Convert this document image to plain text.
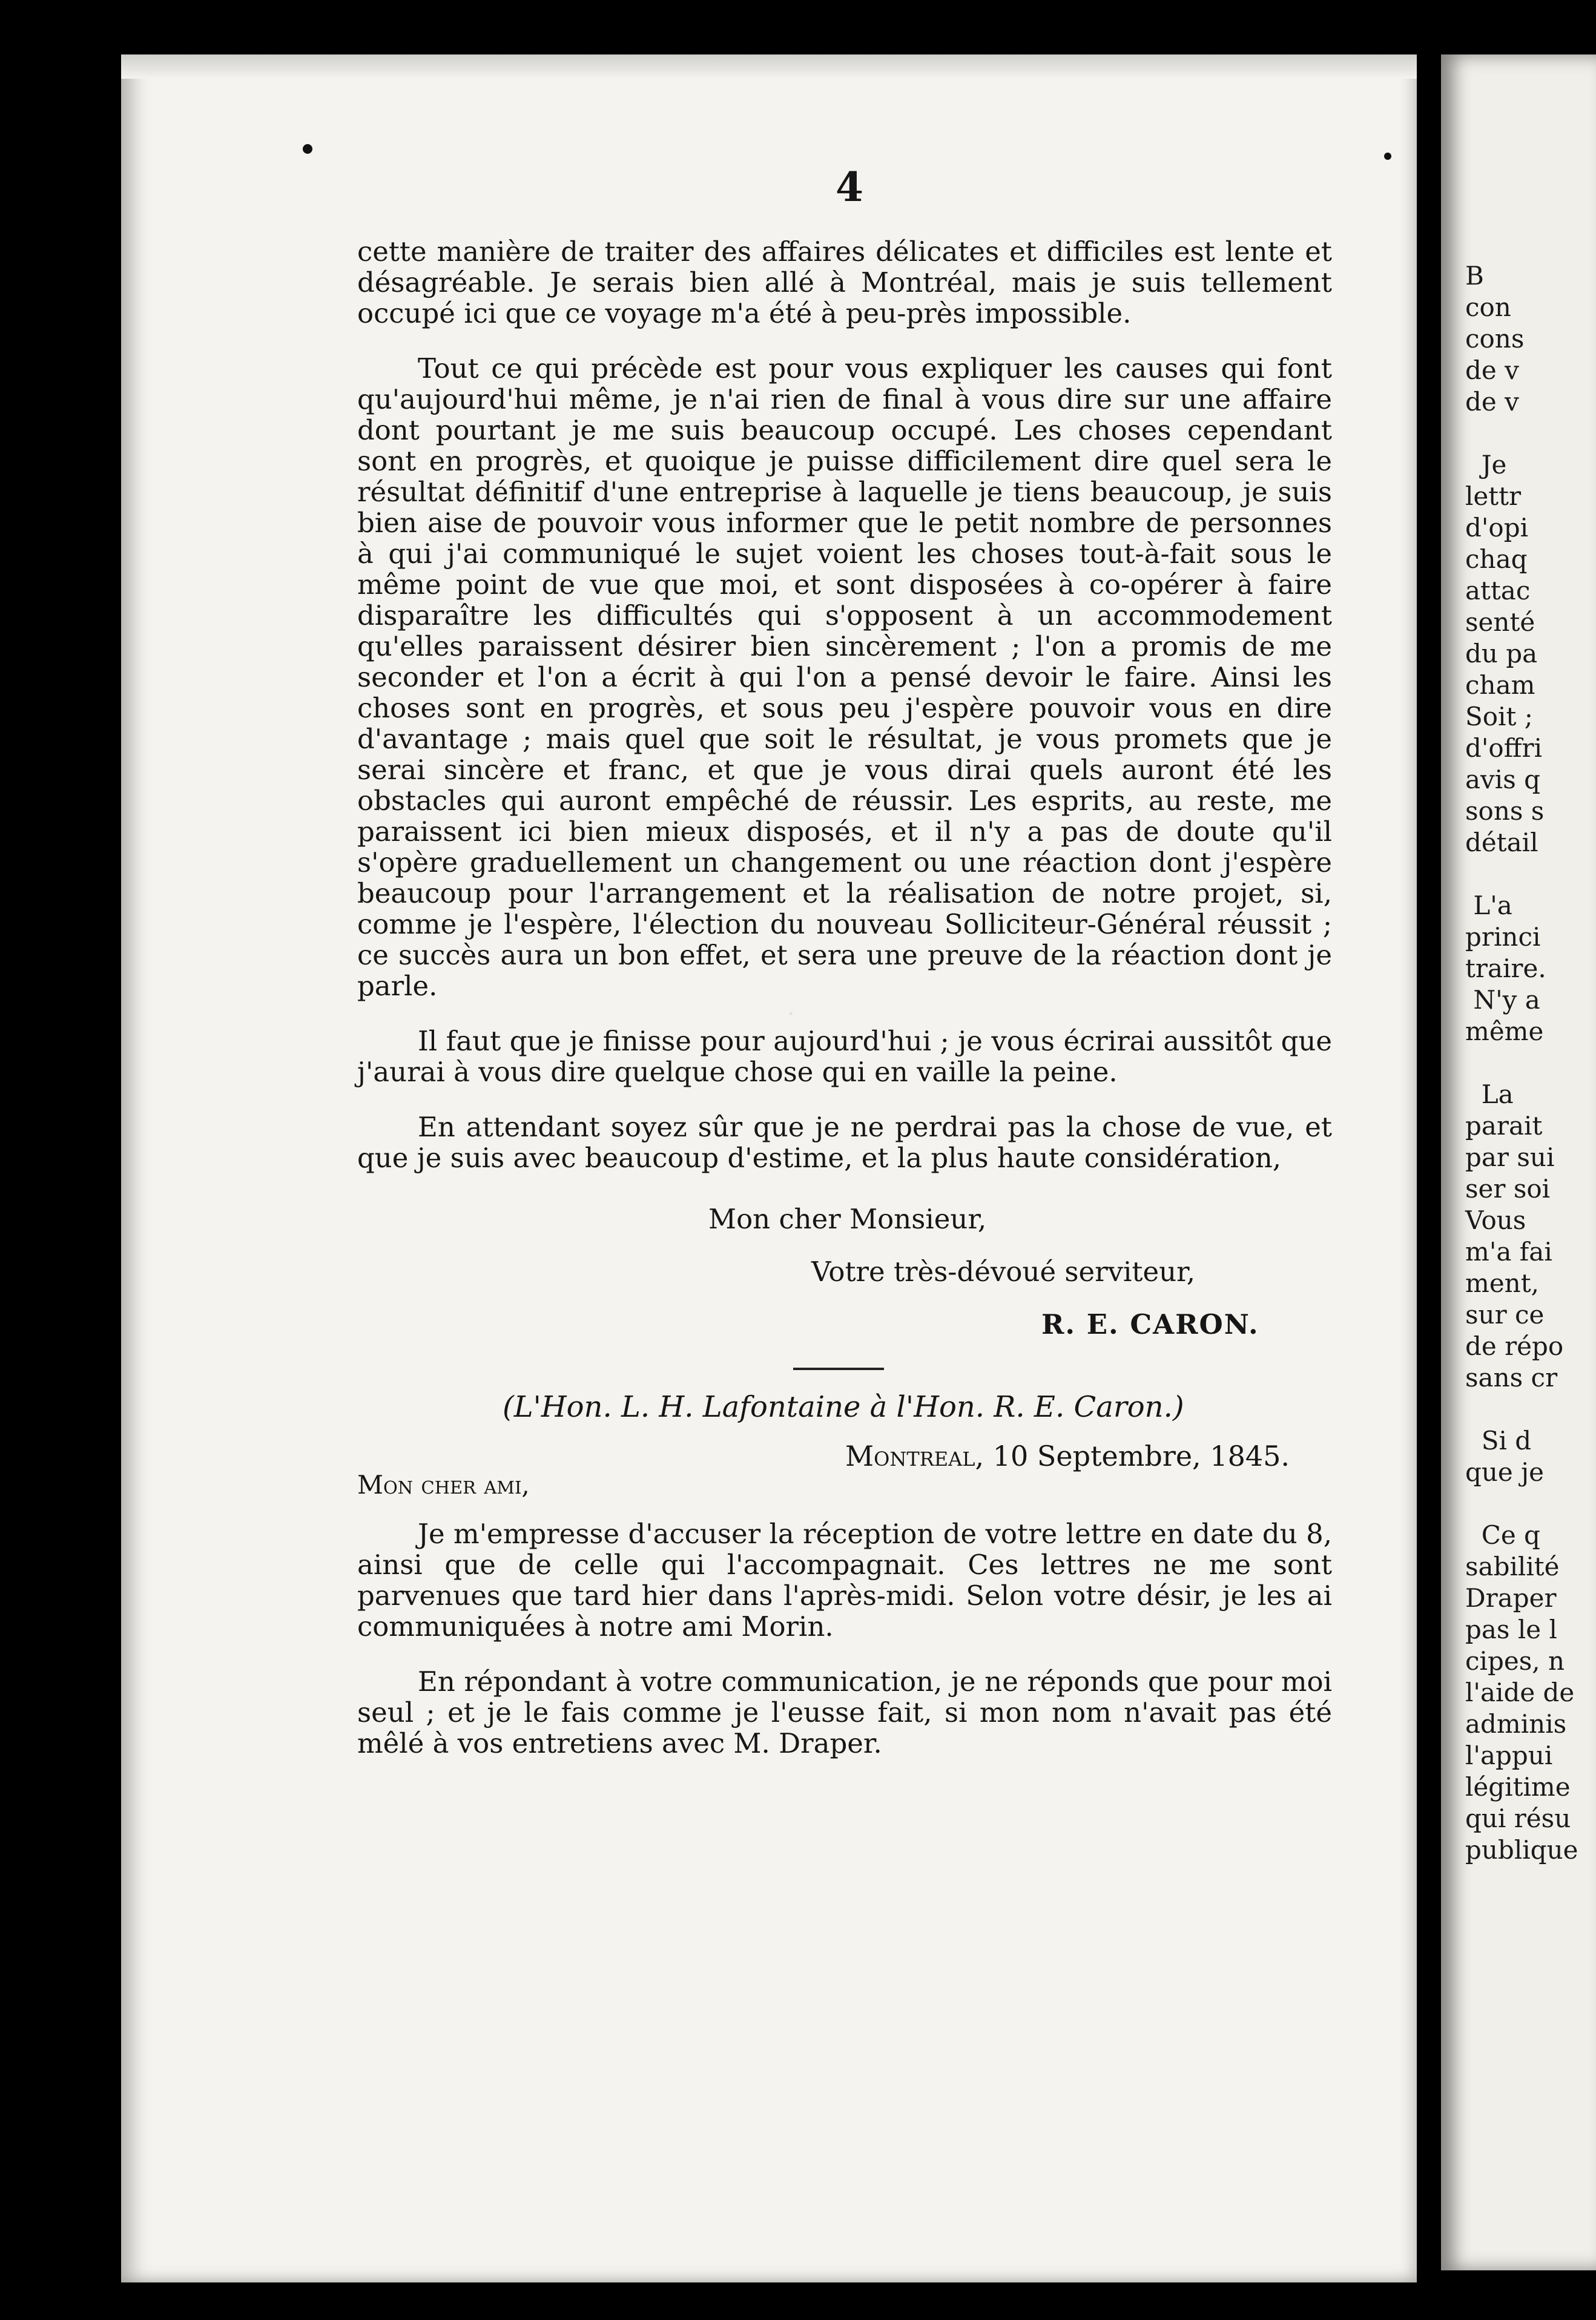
·
4

cette manière de traiter des affaires délicates et difficiles est lente et désagréable. Je serais bien allé à Montréal, mais je suis tellement occupé ici que ce voyage m'a été à peu-près impossible.

Tout ce qui précède est pour vous expliquer les causes qui font qu'aujourd'hui même, je n'ai rien de final à vous dire sur une affaire dont pourtant je me suis beaucoup occupé. Les choses cependant sont en progrès, et quoique je puisse difficilement dire quel sera le résultat définitif d'une entreprise à laquelle je tiens beaucoup, je suis bien aise de pouvoir vous informer que le petit nombre de personnes à qui j'ai communiqué le sujet voient les choses tout-à-fait sous le même point de vue que moi, et sont disposées à co-opérer à faire disparaître les difficultés qui s'opposent à un accommodement qu'elles paraissent désirer bien sincèrement ; l'on a promis de me seconder et l'on a écrit à qui l'on a pensé devoir le faire. Ainsi les choses sont en progrès, et sous peu j'espère pouvoir vous en dire d'avantage ; mais quel que soit le résultat, je vous promets que je serai sincère et franc, et que je vous dirai quels auront été les obstacles qui auront empêché de réussir. Les esprits, au reste, me paraissent ici bien mieux disposés, et il n'y a pas de doute qu'il s'opère graduellement un changement ou une réaction dont j'espère beaucoup pour l'arrangement et la réalisation de notre projet, si, comme je l'espère, l'élection du nouveau Solliciteur-Général réussit ; ce succès aura un bon effet, et sera une preuve de la réaction dont je parle.

Il faut que je finisse pour aujourd'hui ; je vous écrirai aussitôt que j'aurai à vous dire quelque chose qui en vaille la peine.

En attendant soyez sûr que je ne perdrai pas la chose de vue, et que je suis avec beaucoup d'estime, et la plus haute considération,

Mon cher Monsieur,
Votre très-dévoué serviteur,
R. E. CARON.
(L'Hon. L. H. Lafontaine à l'Hon. R. E. Caron.)
Montreal, 10 Septembre, 1845.
Mon cher ami,

Je m'empresse d'accuser la réception de votre lettre en date du 8, ainsi que de celle qui l'accompagnait. Ces lettres ne me sont parvenues que tard hier dans l'après-midi. Selon votre désir, je les ai communiquées à notre ami Morin.

En répondant à votre communication, je ne réponds que pour moi seul ; et je le fais comme je l'eusse fait, si mon nom n'avait pas été mêlé à vos entretiens avec M. Draper.

B
con
cons
de v
de v

Je
lettr
d'opi
chaq
attac
senté
du pa
cham
Soit ;
d'offri
avis q
sons s
détail

L'a
princi
traire.
N'y a
même

La
parait
par sui
ser soi
Vous
m'a fai
ment,
sur ce
de répo
sans cr

Si d
que je

Ce q
sabilité
Draper
pas le l
cipes, n
l'aide de
adminis
l'appui
légitime
qui résu
publique
